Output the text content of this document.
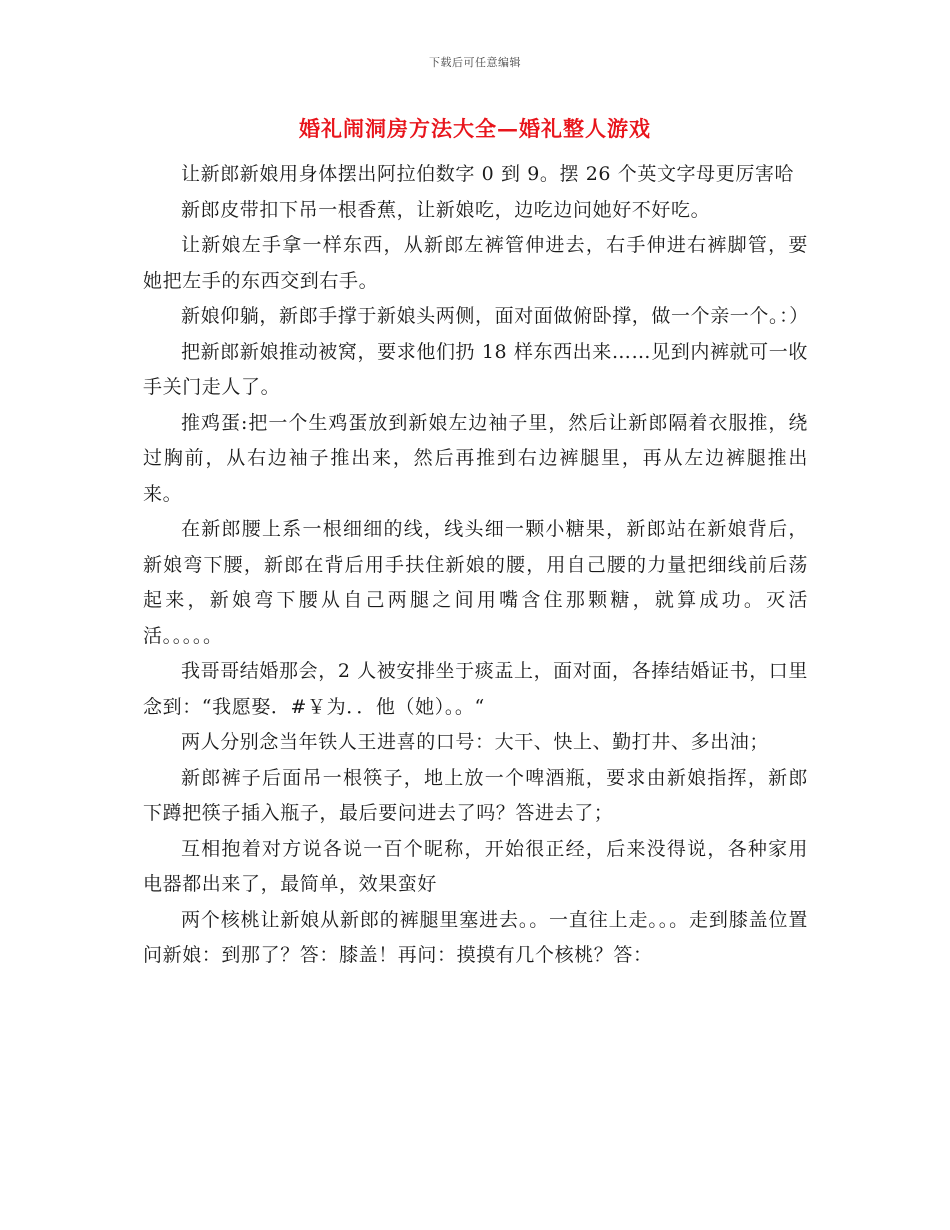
下载后可任意编辑
婚礼闹洞房方法大全—婚礼整人游戏

让新郎新娘用身体摆出阿拉伯数字 0 到 9。摆 26 个英文字母更厉害哈

新郎皮带扣下吊一根香蕉，让新娘吃，边吃边问她好不好吃。

让新娘左手拿一样东西，从新郎左裤管伸进去，右手伸进右裤脚管，要她把左手的东西交到右手。

新娘仰躺，新郎手撑于新娘头两侧，面对面做俯卧撑，做一个亲一个。：）

把新郎新娘推动被窝，要求他们扔 18 样东西出来……见到内裤就可一收手关门走人了。

推鸡蛋:把一个生鸡蛋放到新娘左边袖子里，然后让新郎隔着衣服推，绕过胸前，从右边袖子推出来，然后再推到右边裤腿里，再从左边裤腿推出来。

在新郎腰上系一根细细的线，线头细一颗小糖果，新郎站在新娘背后，新娘弯下腰，新郎在背后用手扶住新娘的腰，用自己腰的力量把细线前后荡起来，新娘弯下腰从自己两腿之间用嘴含住那颗糖，就算成功。灭活活。。。。。

我哥哥结婚那会，2 人被安排坐于痰盂上，面对面，各捧结婚证书，口里念到：“我愿娶．#￥为．．他（她）。。“

两人分别念当年铁人王进喜的口号：大干、快上、勤打井、多出油；

新郎裤子后面吊一根筷子，地上放一个啤酒瓶，要求由新娘指挥，新郎下蹲把筷子插入瓶子，最后要问进去了吗？答进去了；

互相抱着对方说各说一百个昵称，开始很正经，后来没得说，各种家用电器都出来了，最简单，效果蛮好

两个核桃让新娘从新郎的裤腿里塞进去。。一直往上走。。。走到膝盖位置问新娘：到那了？答：膝盖！再问：摸摸有几个核桃？答：
